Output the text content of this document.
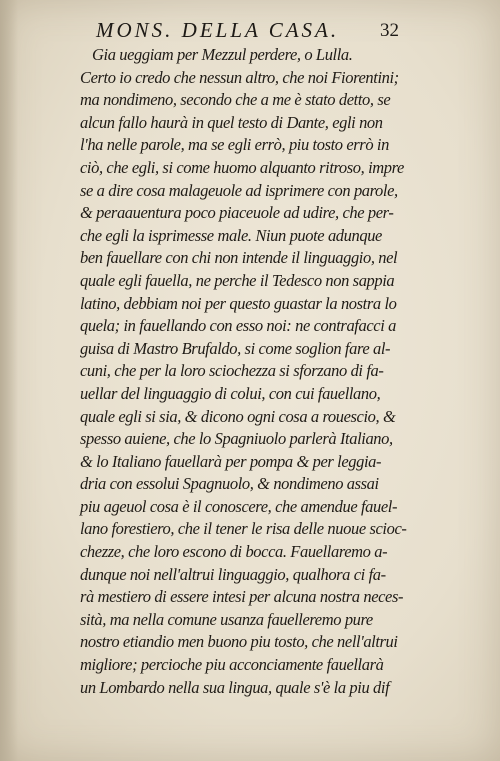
MONS. DELLA CASA.	32
Gia ueggiam per Mezzul perdere, o Lulla.
Certo io credo che nessun altro, che noi Fiorentini;
ma nondimeno, secondo che a me è stato detto, se
alcun fallo haurà in quel testo di Dante, egli non
l'ha nelle parole, ma se egli errò, piu tosto errò in
ciò, che egli, si come huomo alquanto ritroso, impre
se a dire cosa malageuole ad isprimere con parole,
& peraauentura poco piaceuole ad udire, che per-
che egli la isprimesse male. Niun puote adunque
ben fauellare con chi non intende il linguaggio, nel
quale egli fauella, ne perche il Tedesco non sappia
latino, debbiam noi per questo guastar la nostra lo
quela; in fauellando con esso noi: ne contrafacci a
guisa di Mastro Brufaldo, si come soglion fare al-
cuni, che per la loro sciochezza si sforzano di fa-
uellar del linguaggio di colui, con cui fauellano,
quale egli si sia, & dicono ogni cosa a rouescio, &
spesso auiene, che lo Spagniuolo parlerà Italiano,
& lo Italiano fauellarà per pompa & per leggia-
dria con essolui Spagnuolo, & nondimeno assai
piu ageuol cosa è il conoscere, che amendue fauel-
lano forestiero, che il tener le risa delle nuoue scioc-
chezze, che loro escono di bocca. Fauellaremo a-
dunque noi nell'altrui linguaggio, qualhora ci fa-
rà mestiero di essere intesi per alcuna nostra neces-
sità, ma nella comune usanza fauelleremo pure
nostro etiandio men buono piu tosto, che nell'altrui
migliore; percioche piu acconciamente fauellarà
un Lombardo nella sua lingua, quale s'è la piu dif
